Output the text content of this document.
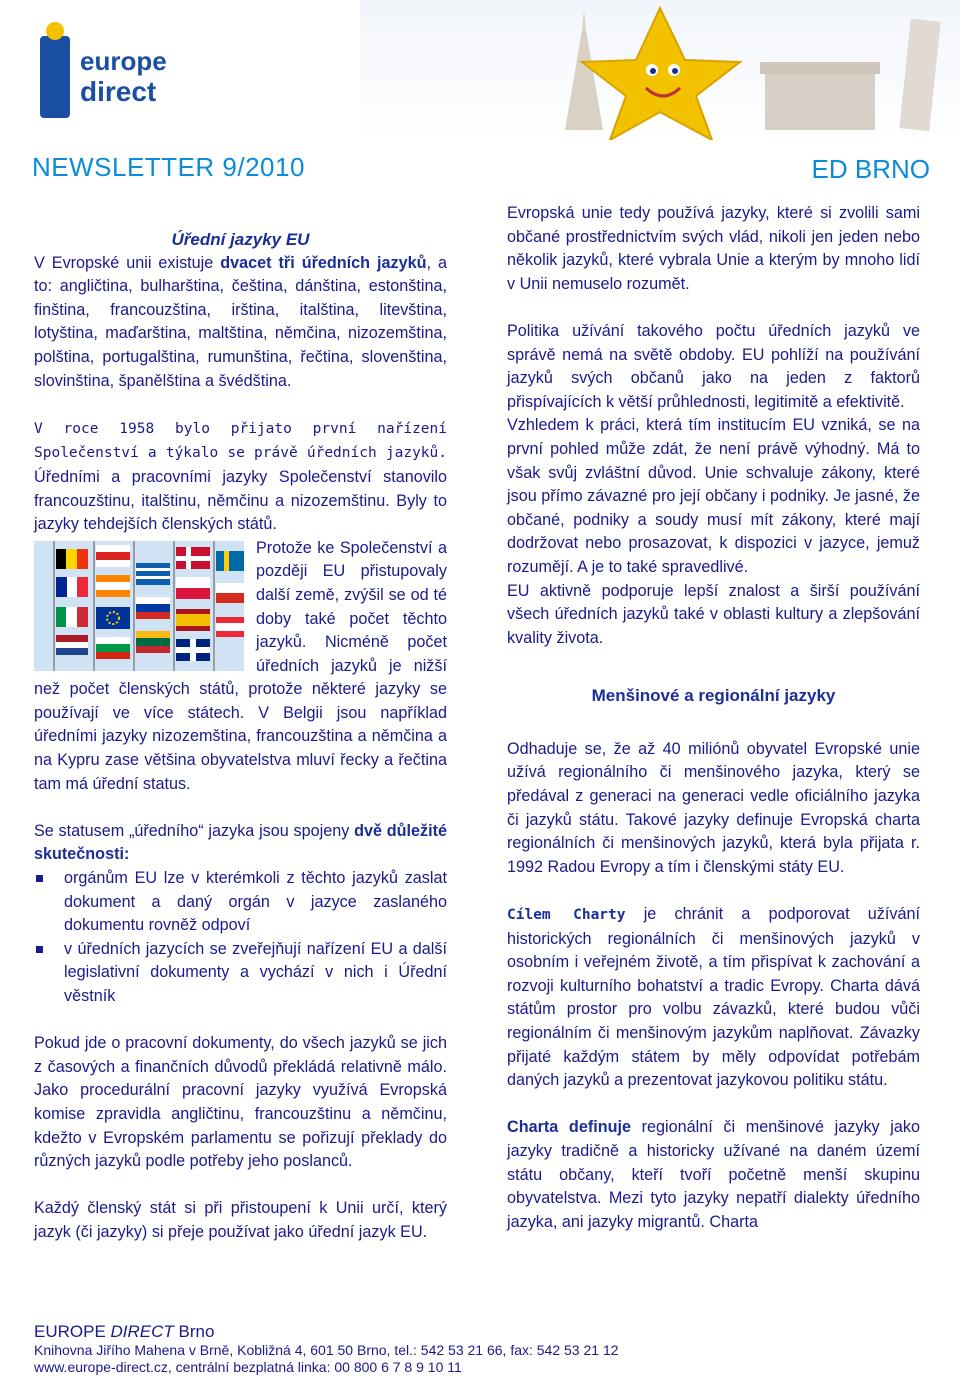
europe
direct
NEWSLETTER 9/2010	ED BRNO

Úřední jazyky EU

V Evropské unii existuje dvacet tři úředních jazyků, a to: angličtina, bulharština, čeština, dánština, estonština, finština, francouzština, irština, italština, litevština, lotyština, maďarština, maltština, němčina, nizozemština, polština, portugalština, rumunština, řečtina, slovenština, slovinština, španělština a švédština.

V roce 1958 bylo přijato první nařízení Společenství a týkalo se právě úředních jazyků. Úředními a pracovními jazyky Společenství stanovilo francouzštinu, italštinu, němčinu a nizozemštinu. Byly to jazyky tehdejších členských států.

Protože ke Společenství a později EU přistupovaly další země, zvýšil se od té doby také počet těchto jazyků. Nicméně počet úředních jazyků je nižší než počet členských států, protože některé jazyky se používají ve více státech. V Belgii jsou například úředními jazyky nizozemština, francouzština a němčina a na Kypru zase většina obyvatelstva mluví řecky a řečtina tam má úřední status.

Se statusem „úředního“ jazyka jsou spojeny dvě důležité skutečnosti:

orgánům EU lze v kterémkoli z těchto jazyků zaslat dokument a daný orgán v jazyce zaslaného dokumentu rovněž odpoví
v úředních jazycích se zveřejňují nařízení EU a další legislativní dokumenty a vychází v nich i Úřední věstník

Pokud jde o pracovní dokumenty, do všech jazyků se jich z časových a finančních důvodů překládá relativně málo. Jako procedurální pracovní jazyky využívá Evropská komise zpravidla angličtinu, francouzštinu a němčinu, kdežto v Evropském parlamentu se pořizují překlady do různých jazyků podle potřeby jeho poslanců.

Každý členský stát si při přistoupení k Unii určí, který jazyk (či jazyky) si přeje používat jako úřední jazyk EU.

Evropská unie tedy používá jazyky, které si zvolili sami občané prostřednictvím svých vlád, nikoli jen jeden nebo několik jazyků, které vybrala Unie a kterým by mnoho lidí v Unii nemuselo rozumět.

Politika užívání takového počtu úředních jazyků ve správě nemá na světě obdoby. EU pohlíží na používání jazyků svých občanů jako na jeden z faktorů přispívajících k větší průhlednosti, legitimitě a efektivitě.

Vzhledem k práci, která tím institucím EU vzniká, se na první pohled může zdát, že není právě výhodný. Má to však svůj zvláštní důvod. Unie schvaluje zákony, které jsou přímo závazné pro její občany i podniky. Je jasné, že občané, podniky a soudy musí mít zákony, které mají dodržovat nebo prosazovat, k dispozici v jazyce, jemuž rozumějí. A je to také spravedlivé.

EU aktivně podporuje lepší znalost a širší používání všech úředních jazyků také v oblasti kultury a zlepšování kvality života.

Menšinové a regionální jazyky

Odhaduje se, že až 40 miliónů obyvatel Evropské unie užívá regionálního či menšinového jazyka, který se předával z generaci na generaci vedle oficiálního jazyka či jazyků státu. Takové jazyky definuje Evropská charta regionálních či menšinových jazyků, která byla přijata r. 1992 Radou Evropy a tím i členskými státy EU.

Cílem Charty je chránit a podporovat užívání historických regionálních či menšinových jazyků v osobním i veřejném životě, a tím přispívat k zachování a rozvoji kulturního bohatství a tradic Evropy. Charta dává státům prostor pro volbu závazků, které budou vůči regionálním či menšinovým jazykům naplňovat. Závazky přijaté každým státem by měly odpovídat potřebám daných jazyků a prezentovat jazykovou politiku státu.

Charta definuje regionální či menšinové jazyky jako jazyky tradičně a historicky užívané na daném území státu občany, kteří tvoří početně menší skupinu obyvatelstva. Mezi tyto jazyky nepatří dialekty úředního jazyka, ani jazyky migrantů. Charta

EUROPE DIRECT Brno
Knihovna Jiřího Mahena v Brně, Kobližná 4, 601 50 Brno, tel.: 542 53 21 66, fax: 542 53 21 12
www.europe-direct.cz, centrální bezplatná linka: 00 800 6 7 8 9 10 11
